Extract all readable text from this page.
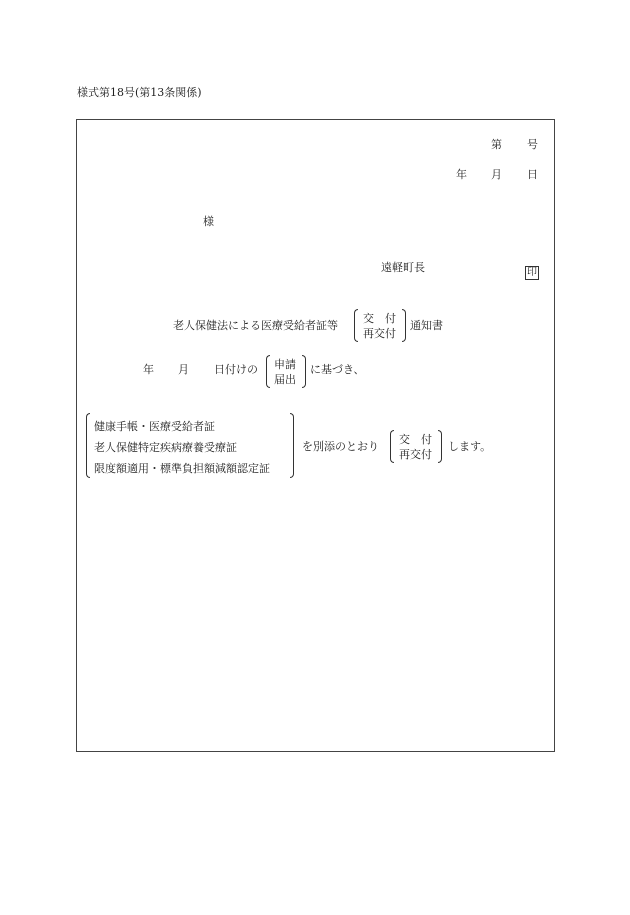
様式第18号(第13条関係)
第 号
年 月 日
様
遠軽町長	印
老人保健法による医療受給者証等
交　付
再交付
通知書
年 月 日付けの 申請
届出
に基づき、
健康手帳・医療受給者証
老人保健特定疾病療養受療証
限度額適用・標準負担額減額認定証
を別添のとおり
交　付
再交付
します。
